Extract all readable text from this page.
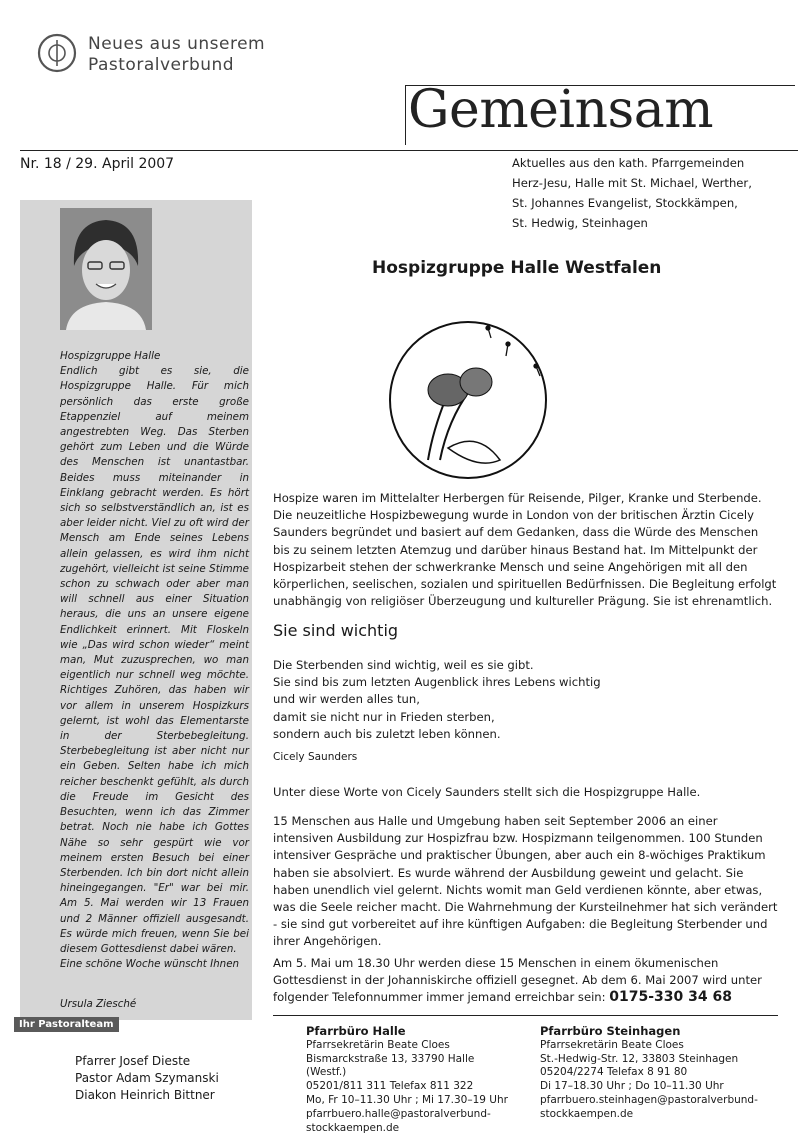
Neues aus unserem
Pastoralverbund
Gemeinsam
Nr. 18 / 29. April 2007	Aktuelles aus den kath. Pfarrgemeinden
Herz-Jesu, Halle mit St. Michael, Werther,
St. Johannes Evangelist, Stockkämpen,
St. Hedwig, Steinhagen

Hospizgruppe Halle

Endlich gibt es sie, die Hospizgruppe Halle. Für mich persönlich das erste große Etappenziel auf meinem angestrebten Weg. Das Sterben gehört zum Leben und die Würde des Menschen ist unantastbar. Beides muss miteinander in Einklang gebracht werden. Es hört sich so selbstverständlich an, ist es aber leider nicht. Viel zu oft wird der Mensch am Ende seines Lebens allein gelassen, es wird ihm nicht zugehört, vielleicht ist seine Stimme schon zu schwach oder aber man will schnell aus einer Situation heraus, die uns an unsere eigene Endlichkeit erinnert. Mit Floskeln wie „Das wird schon wieder“ meint man, Mut zuzusprechen, wo man eigentlich nur schnell weg möchte. Richtiges Zuhören, das haben wir vor allem in unserem Hospizkurs gelernt, ist wohl das Elementarste in der Sterbebegleitung. Sterbebegleitung ist aber nicht nur ein Geben. Selten habe ich mich reicher beschenkt gefühlt, als durch die Freude im Gesicht des Besuchten, wenn ich das Zimmer betrat. Noch nie habe ich Gottes Nähe so sehr gespürt wie vor meinem ersten Besuch bei einer Sterbenden. Ich bin dort nicht allein hineingegangen. "Er" war bei mir. Am 5. Mai werden wir 13 Frauen und 2 Männer offiziell ausgesandt. Es würde mich freuen, wenn Sie bei diesem Gottesdienst dabei wären.

Eine schöne Woche wünscht Ihnen

Ursula Ziesché
Ihr Pastoralteam
Pfarrer Josef Dieste
Pastor Adam Szymanski
Diakon Heinrich Bittner
Hospizgruppe Halle Westfalen

Hospize waren im Mittelalter Herbergen für Reisende, Pilger, Kranke und Sterbende. Die neuzeitliche Hospizbewegung wurde in London von der britischen Ärztin Cicely Saunders begründet und basiert auf dem Gedanken, dass die Würde des Menschen bis zu seinem letzten Atemzug und darüber hinaus Bestand hat. Im Mittelpunkt der Hospizarbeit stehen der schwerkranke Mensch und seine Angehörigen mit all den körperlichen, seelischen, sozialen und spirituellen Bedürfnissen. Die Begleitung erfolgt unabhängig von religiöser Überzeugung und kultureller Prägung. Sie ist ehrenamtlich.

Sie sind wichtig
Die Sterbenden sind wichtig, weil es sie gibt.
Sie sind bis zum letzten Augenblick ihres Lebens wichtig
und wir werden alles tun,
damit sie nicht nur in Frieden sterben,
sondern auch bis zuletzt leben können.
Cicely Saunders
Unter diese Worte von Cicely Saunders stellt sich die Hospizgruppe Halle.
15 Menschen aus Halle und Umgebung haben seit September 2006 an einer intensiven Ausbildung zur Hospizfrau bzw. Hospizmann teilgenommen. 100 Stunden intensiver Gespräche und praktischer Übungen, aber auch ein 8-wöchiges Praktikum haben sie absolviert. Es wurde während der Ausbildung geweint und gelacht. Sie haben unendlich viel gelernt. Nichts womit man Geld verdienen könnte, aber etwas, was die Seele reicher macht. Die Wahrnehmung der Kursteilnehmer hat sich verändert - sie sind gut vorbereitet auf ihre künftigen Aufgaben: die Begleitung Sterbender und ihrer Angehörigen.
Am 5. Mai um 18.30 Uhr werden diese 15 Menschen in einem ökumenischen Gottesdienst in der Johanniskirche offiziell gesegnet. Ab dem 6. Mai 2007 wird unter folgender Telefonnummer immer jemand erreichbar sein: 0175-330 34 68
Pfarrbüro Halle
Pfarrsekretärin Beate Cloes
Bismarckstraße 13, 33790 Halle (Westf.)
05201/811 311 Telefax 811 322
Mo, Fr 10–11.30 Uhr ; Mi 17.30–19 Uhr
pfarrbuero.halle@pastoralverbund-
stockkaempen.de
Pfarrbüro Steinhagen
Pfarrsekretärin Beate Cloes
St.-Hedwig-Str. 12, 33803 Steinhagen
05204/2274 Telefax 8 91 80
Di 17–18.30 Uhr ; Do 10–11.30 Uhr
pfarrbuero.steinhagen@pastoralverbund-
stockkaempen.de
